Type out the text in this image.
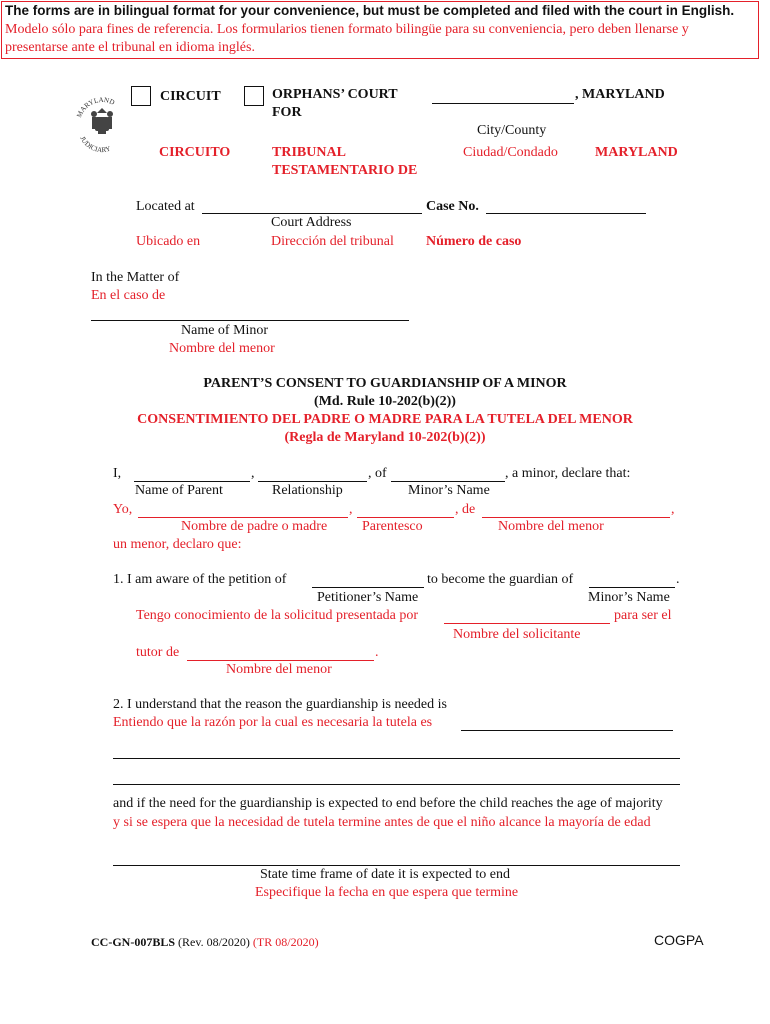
The forms are in bilingual format for your convenience, but must be completed and filed with the court in English.
Modelo sólo para fines de referencia. Los formularios tienen formato bilingüe para su conveniencia, pero deben llenarse y
presentarse ante el tribunal en idioma inglés.
MARYLAND
JUDICIARY
CIRCUIT	ORPHANS’ COURT
FOR
, MARYLAND
City/County
CIRCUITO	TRIBUNAL
TESTAMENTARIO DE
Ciudad/Condado	MARYLAND
Located at	Case No.
Court Address
Ubicado en	Dirección del tribunal Número de caso
In the Matter of
En el caso de
Name of Minor
Nombre del menor
PARENT’S CONSENT TO GUARDIANSHIP OF A MINOR
(Md. Rule 10-202(b)(2))
CONSENTIMIENTO DEL PADRE O MADRE PARA LA TUTELA DEL MENOR
(Regla de Maryland 10-202(b)(2))
I,	,	, of	, a minor, declare that:
Name of Parent	Relationship	Minor’s Name
Yo,	,	, de	,
Nombre de padre o madre Parentesco	Nombre del menor
un menor, declaro que:
1. I am aware of the petition of	to become the guardian of	.
Petitioner’s Name	Minor’s Name
Tengo conocimiento de la solicitud presentada por	para ser el
Nombre del solicitante
tutor de	.
Nombre del menor
2. I understand that the reason the guardianship is needed is
Entiendo que la razón por la cual es necesaria la tutela es
and if the need for the guardianship is expected to end before the child reaches the age of majority
y si se espera que la necesidad de tutela termine antes de que el niño alcance la mayoría de edad
State time frame of date it is expected to end
Especifique la fecha en que espera que termine
CC-GN-007BLS (Rev. 08/2020) (TR 08/2020)	COGPA
